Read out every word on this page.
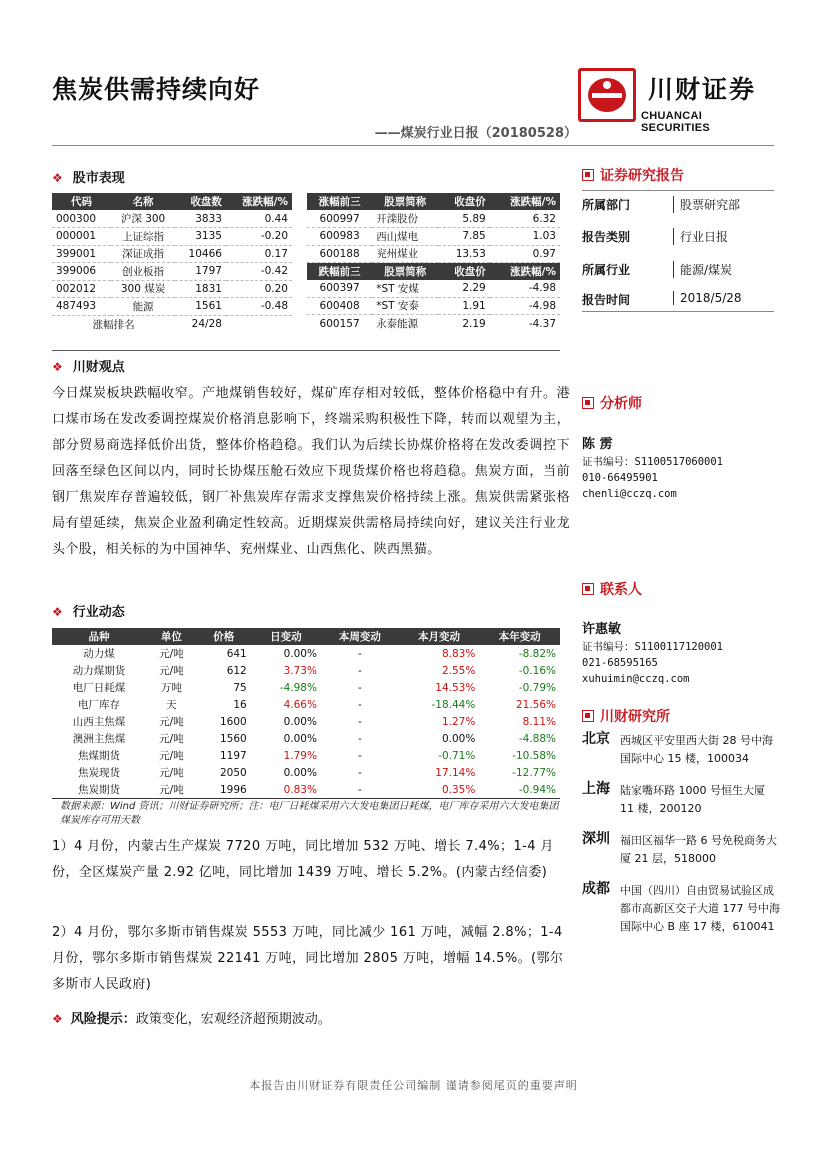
焦炭供需持续向好	川财证券
CHUANCAI SECURITIES
——煤炭行业日报（20180528）
❖ 股市表现
代码	名称	收盘数	涨跌幅/%
000300	沪深 300	3833	0.44
000001	上证综指	3135	-0.20
399001	深证成指	10466	0.17
399006	创业板指	1797	-0.42
002012	300 煤炭	1831	0.20
487493	能源	1561	-0.48
涨幅排名		24/28	
涨幅前三	股票简称	收盘价	涨跌幅/%
600997	开滦股份	5.89	6.32
600983	西山煤电	7.85	1.03
600188	兖州煤业	13.53	0.97
跌幅前三	股票简称	收盘价	涨跌幅/%
600397	*ST 安煤	2.29	-4.98
600408	*ST 安泰	1.91	-4.98
600157	永泰能源	2.19	-4.37
❖ 川财观点
今日煤炭板块跌幅收窄。产地煤销售较好，煤矿库存相对较低，整体价格稳中有升。港口煤市场在发改委调控煤炭价格消息影响下，终端采购积极性下降，转而以观望为主，部分贸易商选择低价出货，整体价格趋稳。我们认为后续长协煤价格将在发改委调控下回落至绿色区间以内，同时长协煤压舱石效应下现货煤价格也将趋稳。焦炭方面，当前钢厂焦炭库存普遍较低，钢厂补焦炭库存需求支撑焦炭价格持续上涨。焦炭供需紧张格局有望延续，焦炭企业盈利确定性较高。近期煤炭供需格局持续向好，建议关注行业龙头个股，相关标的为中国神华、兖州煤业、山西焦化、陕西黑猫。
❖ 行业动态
品种	单位	价格	日变动	本周变动	本月变动	本年变动
动力煤	元/吨	641	0.00%	-	8.83%	-8.82%
动力煤期货	元/吨	612	3.73%	-	2.55%	-0.16%
电厂日耗煤	万吨	75	-4.98%	-	14.53%	-0.79%
电厂库存	天	16	4.66%	-	-18.44%	21.56%
山西主焦煤	元/吨	1600	0.00%	-	1.27%	8.11%
澳洲主焦煤	元/吨	1560	0.00%	-	0.00%	-4.88%
焦煤期货	元/吨	1197	1.79%	-	-0.71%	-10.58%
焦炭现货	元/吨	2050	0.00%	-	17.14%	-12.77%
焦炭期货	元/吨	1996	0.83%	-	0.35%	-0.94%
数据来源：Wind 资讯；川财证券研究所；注：电厂日耗煤采用六大发电集团日耗煤，电厂库存采用六大发电集团煤炭库存可用天数
1）4 月份，内蒙古生产煤炭 7720 万吨，同比增加 532 万吨、增长 7.4%；1-4 月份，全区煤炭产量 2.92 亿吨，同比增加 1439 万吨、增长 5.2%。(内蒙古经信委)
2）4 月份，鄂尔多斯市销售煤炭 5553 万吨，同比减少 161 万吨，减幅 2.8%；1-4 月份，鄂尔多斯市销售煤炭 22141 万吨，同比增加 2805 万吨，增幅 14.5%。(鄂尔多斯市人民政府)
❖ 风险提示：政策变化，宏观经济超预期波动。
证券研究报告
所属部门	股票研究部
报告类别	行业日报
所属行业	能源/煤炭
报告时间	2018/5/28
分析师
陈 雳
证书编号：S1100517060001
010-66495901
chenli@cczq.com
联系人
许惠敏
证书编号：S1100117120001
021-68595165
xuhuimin@cczq.com
川财研究所
北京 西城区平安里西大街 28 号中海国际中心 15 楼，100034
上海 陆家嘴环路 1000 号恒生大厦 11 楼，200120
深圳 福田区福华一路 6 号免税商务大厦 21 层，518000
成都 中国（四川）自由贸易试验区成都市高新区交子大道 177 号中海国际中心 B 座 17 楼，610041
本报告由川财证券有限责任公司编制 谨请参阅尾页的重要声明
